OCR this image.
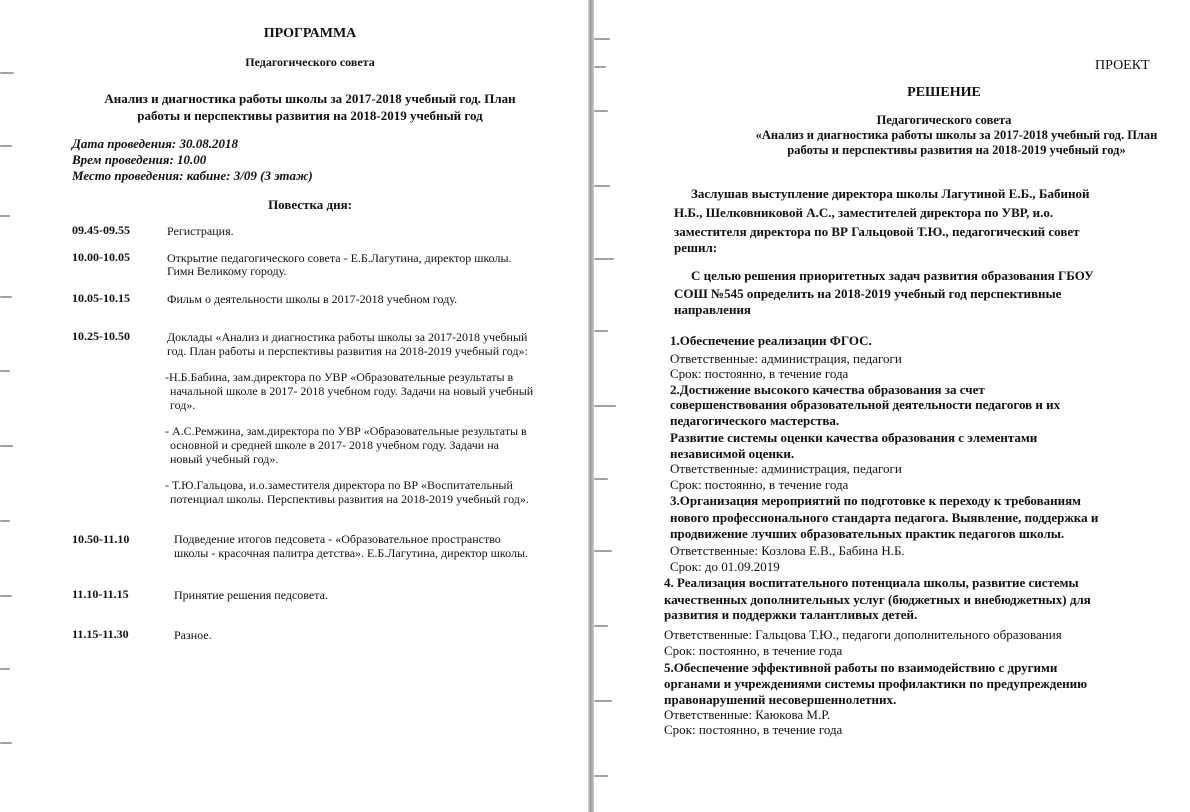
ПРОГРАММА
Педагогического совета
Анализ и диагностика работы школы за 2017-2018 учебный год. План
работы и перспективы развития на 2018-2019 учебный год
Дата проведения: 30.08.2018
Врем проведения: 10.00
Место проведения: кабине: 3/09 (3 этаж)
Повестка дня:
09.45-09.55	Регистрация.
10.00-10.05	Открытие педагогического совета - Е.Б.Лагутина, директор школы.
Гимн Великому городу.
10.05-10.15	Фильм о деятельности школы в 2017-2018 учебном году.
10.25-10.50	Доклады «Анализ и диагностика работы школы за 2017-2018 учебный
год. План работы и перспективы развития на 2018-2019 учебный год»:
-Н.Б.Бабина, зам.директора по УВР «Образовательные результаты в
начальной школе в 2017- 2018 учебном году. Задачи на новый учебный
год».
- А.С.Ремжина, зам.директора по УВР «Образовательные результаты в
основной и средней школе в 2017- 2018 учебном году. Задачи на
новый учебный год».
- Т.Ю.Гальцова, и.о.заместителя директора по ВР «Воспитательный
потенциал школы. Перспективы развития на 2018-2019 учебный год».
10.50-11.10	Подведение итогов педсовета - «Образовательное пространство
школы - красочная палитра детства». Е.Б.Лагутина, директор школы.
11.10-11.15	Принятие решения педсовета.
11.15-11.30	Разное.
ПРОЕКТ
РЕШЕНИЕ
Педагогического совета
«Анализ и диагностика работы школы за 2017-2018 учебный год. План
работы и перспективы развития на 2018-2019 учебный год»
Заслушав выступление директора школы Лагутиной Е.Б., Бабиной
Н.Б., Шелковниковой А.С., заместителей директора по УВР, и.о.
заместителя директора по ВР Гальцовой Т.Ю., педагогический совет
решил:
С целью решения приоритетных задач развития образования ГБОУ
СОШ №545 определить на 2018-2019 учебный год перспективные
направления
1.Обеспечение реализации ФГОС.
Ответственные: администрация, педагоги
Срок: постоянно, в течение года
2.Достижение высокого качества образования за счет
совершенствования образовательной деятельности педагогов и их
педагогического мастерства.
Развитие системы оценки качества образования с элементами
независимой оценки.
Ответственные: администрация, педагоги
Срок: постоянно, в течение года
3.Организация мероприятий по подготовке к переходу к требованиям
нового профессионального стандарта педагога. Выявление, поддержка и
продвижение лучших образовательных практик педагогов школы.
Ответственные: Козлова Е.В., Бабина Н.Б.
Срок: до 01.09.2019
4. Реализация воспитательного потенциала школы, развитие системы
качественных дополнительных услуг (бюджетных и внебюджетных) для
развития и поддержки талантливых детей.
Ответственные: Гальцова Т.Ю., педагоги дополнительного образования
Срок: постоянно, в течение года
5.Обеспечение эффективной работы по взаимодействию с другими
органами и учреждениями системы профилактики по предупреждению
правонарушений несовершеннолетних.
Ответственные: Каюкова М.Р.
Срок: постоянно, в течение года
